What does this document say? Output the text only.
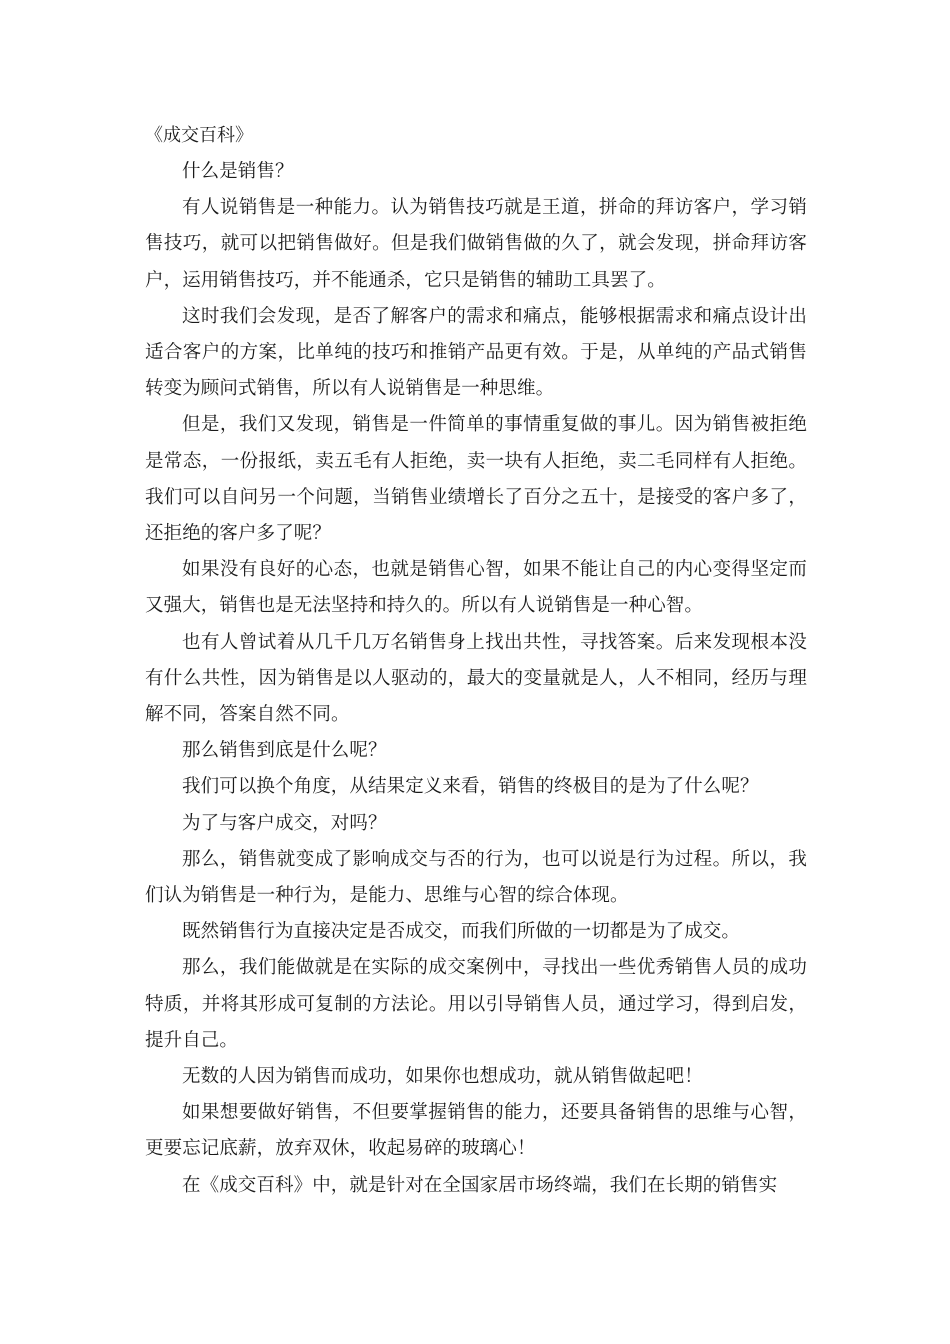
《成交百科》

什么是销售？

有人说销售是一种能力。认为销售技巧就是王道，拼命的拜访客户，学习销售技巧，就可以把销售做好。但是我们做销售做的久了，就会发现，拼命拜访客户，运用销售技巧，并不能通杀，它只是销售的辅助工具罢了。

这时我们会发现，是否了解客户的需求和痛点，能够根据需求和痛点设计出适合客户的方案，比单纯的技巧和推销产品更有效。于是，从单纯的产品式销售转变为顾问式销售，所以有人说销售是一种思维。

但是，我们又发现，销售是一件简单的事情重复做的事儿。因为销售被拒绝是常态，一份报纸，卖五毛有人拒绝，卖一块有人拒绝，卖二毛同样有人拒绝。我们可以自问另一个问题，当销售业绩增长了百分之五十，是接受的客户多了，还拒绝的客户多了呢？

如果没有良好的心态，也就是销售心智，如果不能让自己的内心变得坚定而又强大，销售也是无法坚持和持久的。所以有人说销售是一种心智。

也有人曾试着从几千几万名销售身上找出共性，寻找答案。后来发现根本没有什么共性，因为销售是以人驱动的，最大的变量就是人，人不相同，经历与理解不同，答案自然不同。

那么销售到底是什么呢？

我们可以换个角度，从结果定义来看，销售的终极目的是为了什么呢？

为了与客户成交，对吗？

那么，销售就变成了影响成交与否的行为，也可以说是行为过程。所以，我们认为销售是一种行为，是能力、思维与心智的综合体现。

既然销售行为直接决定是否成交，而我们所做的一切都是为了成交。

那么，我们能做就是在实际的成交案例中，寻找出一些优秀销售人员的成功特质，并将其形成可复制的方法论。用以引导销售人员，通过学习，得到启发，提升自己。

无数的人因为销售而成功，如果你也想成功，就从销售做起吧！

如果想要做好销售，不但要掌握销售的能力，还要具备销售的思维与心智，更要忘记底薪，放弃双休，收起易碎的玻璃心！

在《成交百科》中，就是针对在全国家居市场终端，我们在长期的销售实
